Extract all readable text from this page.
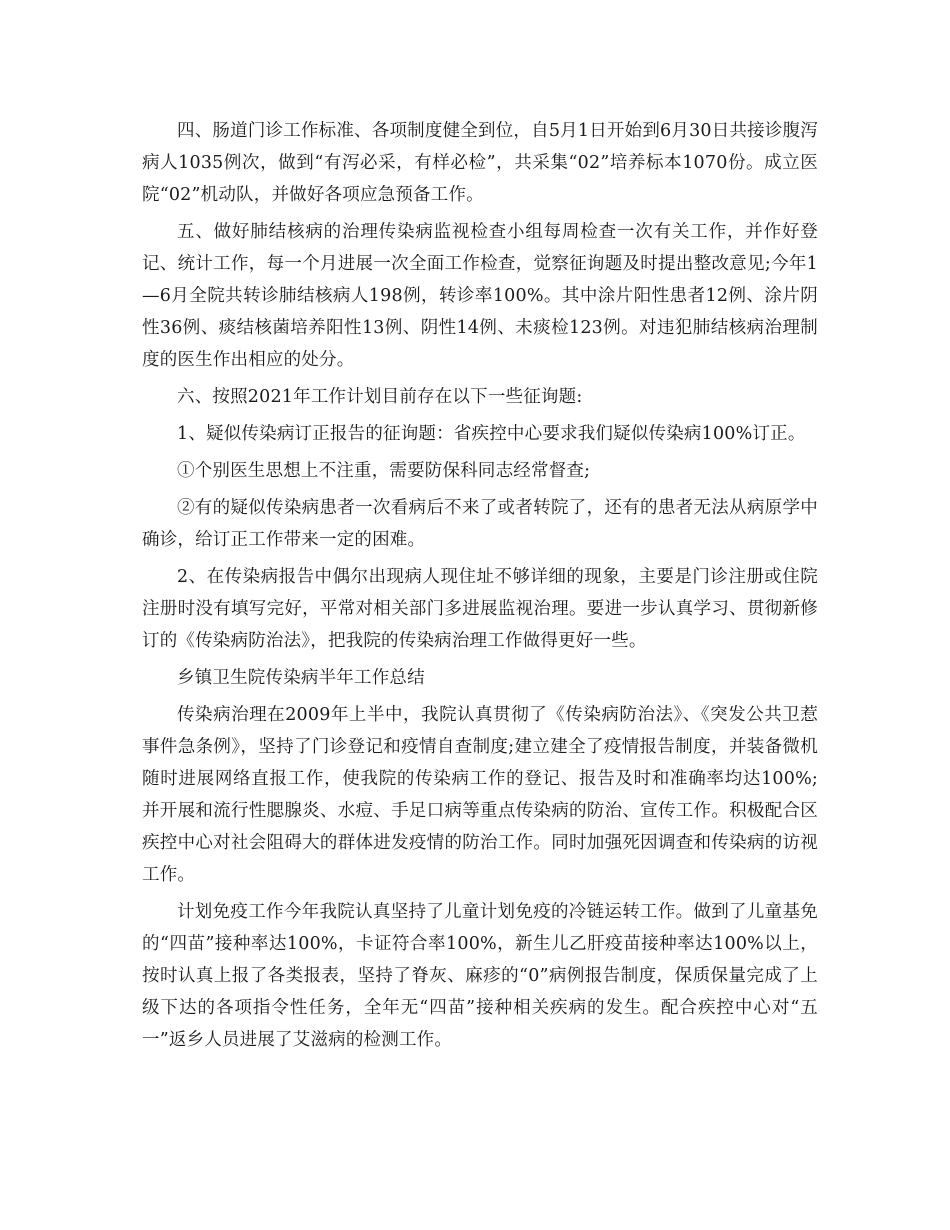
四、肠道门诊工作标准、各项制度健全到位，自5月1日开始到6月30日共接诊腹泻病人1035例次，做到“有泻必采，有样必检”，共采集“02”培养标本1070份。成立医院“02”机动队，并做好各项应急预备工作。

五、做好肺结核病的治理传染病监视检查小组每周检查一次有关工作，并作好登记、统计工作，每一个月进展一次全面工作检查，觉察征询题及时提出整改意见;今年1—6月全院共转诊肺结核病人198例，转诊率100%。其中涂片阳性患者12例、涂片阴性36例、痰结核菌培养阳性13例、阴性14例、未痰检123例。对违犯肺结核病治理制度的医生作出相应的处分。

六、按照2021年工作计划目前存在以下一些征询题:

1、疑似传染病订正报告的征询题：省疾控中心要求我们疑似传染病100%订正。

①个别医生思想上不注重，需要防保科同志经常督查;

②有的疑似传染病患者一次看病后不来了或者转院了，还有的患者无法从病原学中确诊，给订正工作带来一定的困难。

2、在传染病报告中偶尔出现病人现住址不够详细的现象，主要是门诊注册或住院注册时没有填写完好，平常对相关部门多进展监视治理。要进一步认真学习、贯彻新修订的《传染病防治法》，把我院的传染病治理工作做得更好一些。

乡镇卫生院传染病半年工作总结

传染病治理在2009年上半中，我院认真贯彻了《传染病防治法》、《突发公共卫惹事件急条例》，坚持了门诊登记和疫情自查制度;建立建全了疫情报告制度，并装备微机随时进展网络直报工作，使我院的传染病工作的登记、报告及时和准确率均达100%;并开展和流行性腮腺炎、水痘、手足口病等重点传染病的防治、宣传工作。积极配合区疾控中心对社会阻碍大的群体进发疫情的防治工作。同时加强死因调查和传染病的访视工作。

计划免疫工作今年我院认真坚持了儿童计划免疫的冷链运转工作。做到了儿童基免的“四苗”接种率达100%，卡证符合率100%，新生儿乙肝疫苗接种率达100%以上，按时认真上报了各类报表，坚持了脊灰、麻疹的“0”病例报告制度，保质保量完成了上级下达的各项指令性任务，全年无“四苗”接种相关疾病的发生。配合疾控中心对“五一”返乡人员进展了艾滋病的检测工作。
